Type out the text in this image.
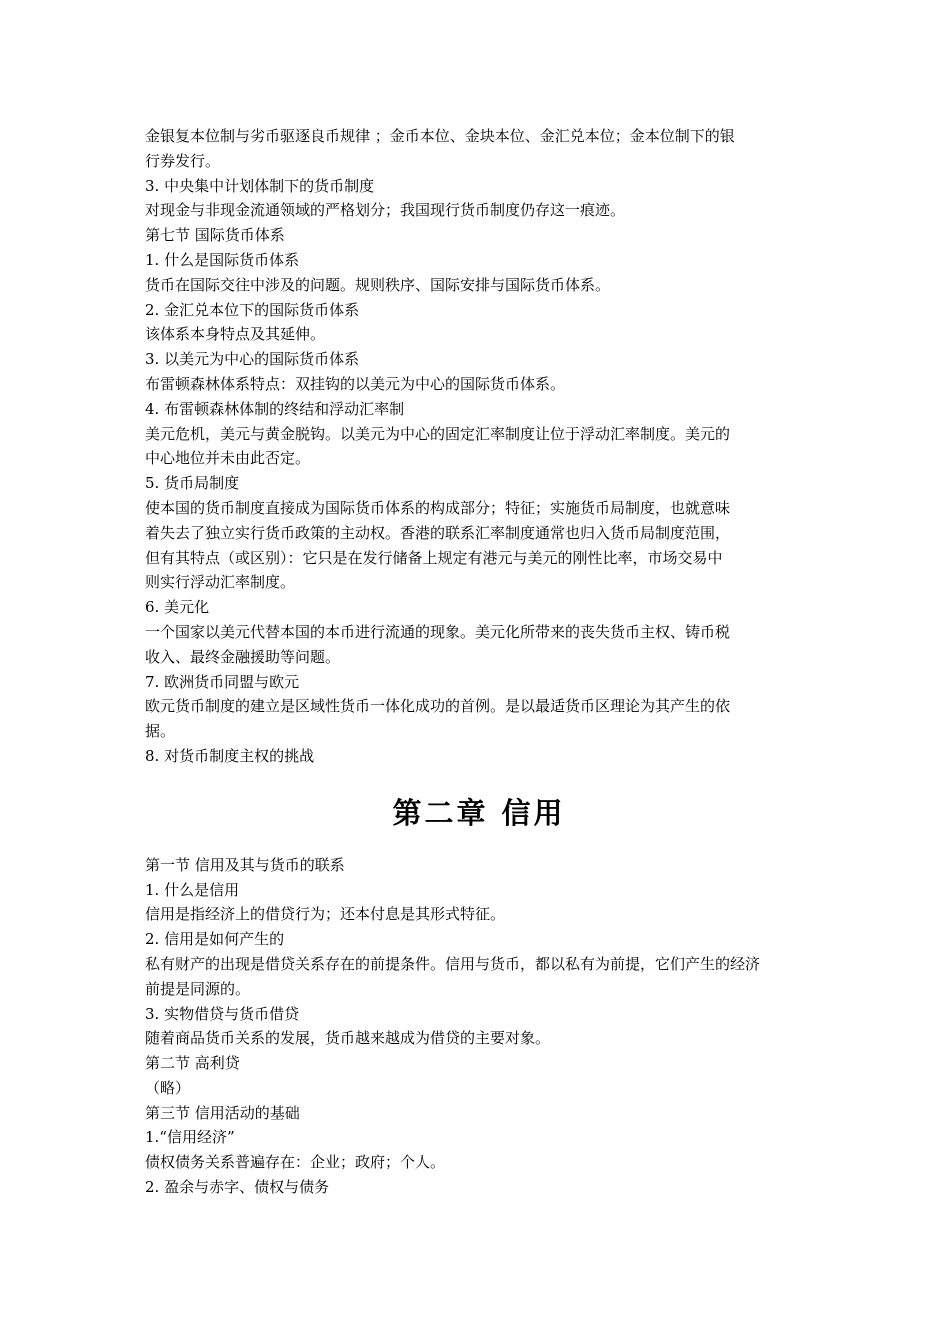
金银复本位制与劣币驱逐良币规律 ；金币本位、金块本位、金汇兑本位；金本位制下的银
行券发行。
3. 中央集中计划体制下的货币制度
对现金与非现金流通领域的严格划分；我国现行货币制度仍存这一痕迹。
第七节 国际货币体系
1. 什么是国际货币体系
货币在国际交往中涉及的问题。规则秩序、国际安排与国际货币体系。
2. 金汇兑本位下的国际货币体系
该体系本身特点及其延伸。
3. 以美元为中心的国际货币体系
布雷顿森林体系特点：双挂钩的以美元为中心的国际货币体系。
4. 布雷顿森林体制的终结和浮动汇率制
美元危机，美元与黄金脱钩。以美元为中心的固定汇率制度让位于浮动汇率制度。美元的
中心地位并未由此否定。
5. 货币局制度
使本国的货币制度直接成为国际货币体系的构成部分；特征；实施货币局制度，也就意味
着失去了独立实行货币政策的主动权。香港的联系汇率制度通常也归入货币局制度范围，
但有其特点（或区别）：它只是在发行储备上规定有港元与美元的刚性比率，市场交易中
则实行浮动汇率制度。
6. 美元化
一个国家以美元代替本国的本币进行流通的现象。美元化所带来的丧失货币主权、铸币税
收入、最终金融援助等问题。
7. 欧洲货币同盟与欧元
欧元货币制度的建立是区域性货币一体化成功的首例。是以最适货币区理论为其产生的依
据。
8. 对货币制度主权的挑战
第二章 信用
第一节 信用及其与货币的联系
1. 什么是信用
信用是指经济上的借贷行为；还本付息是其形式特征。
2. 信用是如何产生的
私有财产的出现是借贷关系存在的前提条件。信用与货币，都以私有为前提，它们产生的经济
前提是同源的。
3. 实物借贷与货币借贷
随着商品货币关系的发展，货币越来越成为借贷的主要对象。
第二节 高利贷
（略）
第三节 信用活动的基础
1.“信用经济”
债权债务关系普遍存在：企业；政府；个人。
2. 盈余与赤字、债权与债务
